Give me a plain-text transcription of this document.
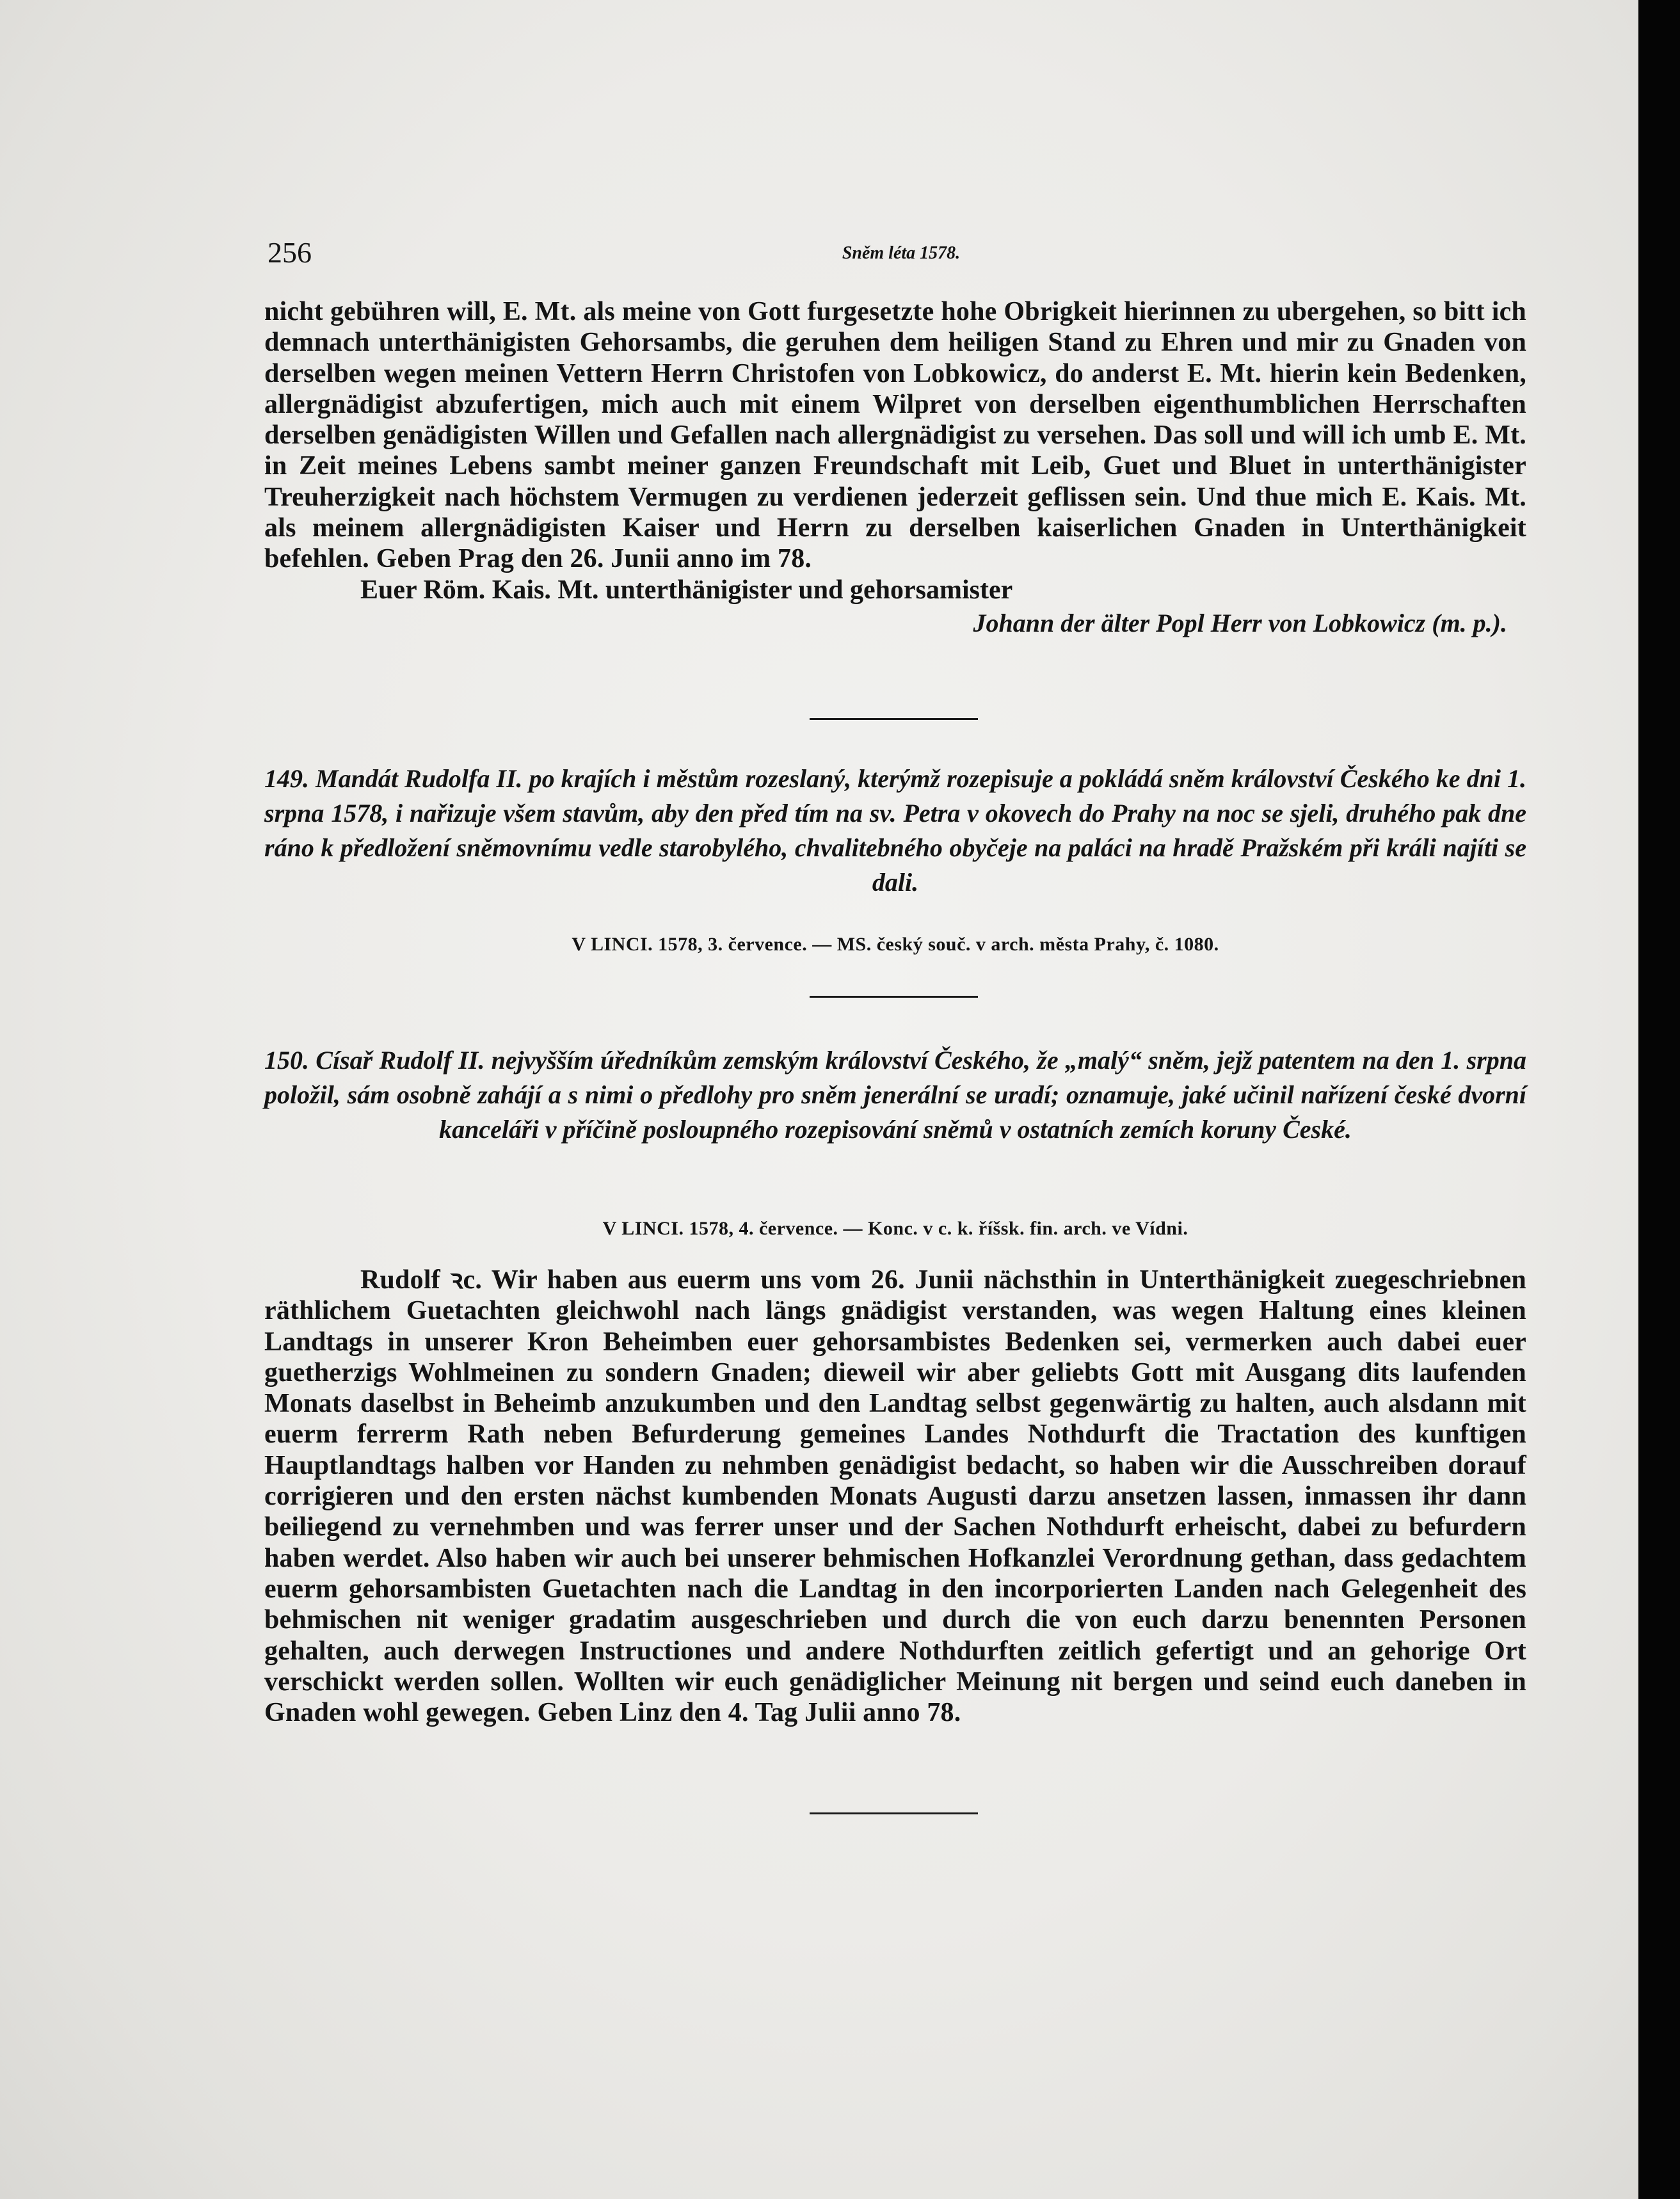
256	Sněm léta 1578.

nicht gebühren will, E. Mt. als meine von Gott furgesetzte hohe Obrigkeit hierinnen zu ubergehen, so bitt ich demnach unterthänigisten Gehorsambs, die geruhen dem heiligen Stand zu Ehren und mir zu Gnaden von derselben wegen meinen Vettern Herrn Christofen von Lobkowicz, do anderst E. Mt. hierin kein Bedenken, allergnädigist abzufertigen, mich auch mit einem Wilpret von derselben eigenthumblichen Herrschaften derselben genädigisten Willen und Gefallen nach allergnädigist zu versehen. Das soll und will ich umb E. Mt. in Zeit meines Lebens sambt meiner ganzen Freundschaft mit Leib, Guet und Bluet in unterthänigister Treuherzigkeit nach höchstem Vermugen zu verdienen jederzeit geflissen sein. Und thue mich E. Kais. Mt. als meinem allergnädigisten Kaiser und Herrn zu derselben kaiserlichen Gnaden in Unterthänigkeit befehlen. Geben Prag den 26. Junii anno im 78.

Euer Röm. Kais. Mt. unterthänigister und gehorsamister

Johann der älter Popl Herr von Lobkowicz (m. p.).

149. Mandát Rudolfa II. po krajích i městům rozeslaný, kterýmž rozepisuje a pokládá sněm království Českého ke dni 1. srpna 1578, i nařizuje všem stavům, aby den před tím na sv. Petra v okovech do Prahy na noc se sjeli, druhého pak dne ráno k předložení sněmovnímu vedle starobylého, chvalitebného obyčeje na paláci na hradě Pražském při králi najíti se dali.

V LINCI. 1578, 3. července. — MS. český souč. v arch. města Prahy, č. 1080.

150. Císař Rudolf II. nejvyšším úředníkům zemským království Českého, že „malý“ sněm, jejž patentem na den 1. srpna položil, sám osobně zahájí a s nimi o předlohy pro sněm jenerální se uradí; oznamuje, jaké učinil nařízení české dvorní kanceláři v příčině posloupného rozepisování sněmů v ostatních zemích koruny České.

V LINCI. 1578, 4. července. — Konc. v c. k. říšsk. fin. arch. ve Vídni.

Rudolf ꝛc. Wir haben aus euerm uns vom 26. Junii nächsthin in Unterthänigkeit zuegeschriebnen räthlichem Guetachten gleichwohl nach längs gnädigist verstanden, was wegen Haltung eines kleinen Landtags in unserer Kron Beheimben euer gehorsambistes Bedenken sei, vermerken auch dabei euer guetherzigs Wohlmeinen zu sondern Gnaden; dieweil wir aber geliebts Gott mit Ausgang dits laufenden Monats daselbst in Beheimb anzukumben und den Landtag selbst gegenwärtig zu halten, auch alsdann mit euerm ferrerm Rath neben Befurderung gemeines Landes Nothdurft die Tractation des kunftigen Hauptlandtags halben vor Handen zu nehmben genädigist bedacht, so haben wir die Ausschreiben dorauf corrigieren und den ersten nächst kumbenden Monats Augusti darzu ansetzen lassen, inmassen ihr dann beiliegend zu vernehmben und was ferrer unser und der Sachen Nothdurft erheischt, dabei zu befurdern haben werdet. Also haben wir auch bei unserer behmischen Hofkanzlei Verordnung gethan, dass gedachtem euerm gehorsambisten Guetachten nach die Landtag in den incorporierten Landen nach Gelegenheit des behmischen nit weniger gradatim ausgeschrieben und durch die von euch darzu benennten Personen gehalten, auch derwegen Instructiones und andere Nothdurften zeitlich gefertigt und an gehorige Ort verschickt werden sollen. Wollten wir euch genädiglicher Meinung nit bergen und seind euch daneben in Gnaden wohl gewegen. Geben Linz den 4. Tag Julii anno 78.
